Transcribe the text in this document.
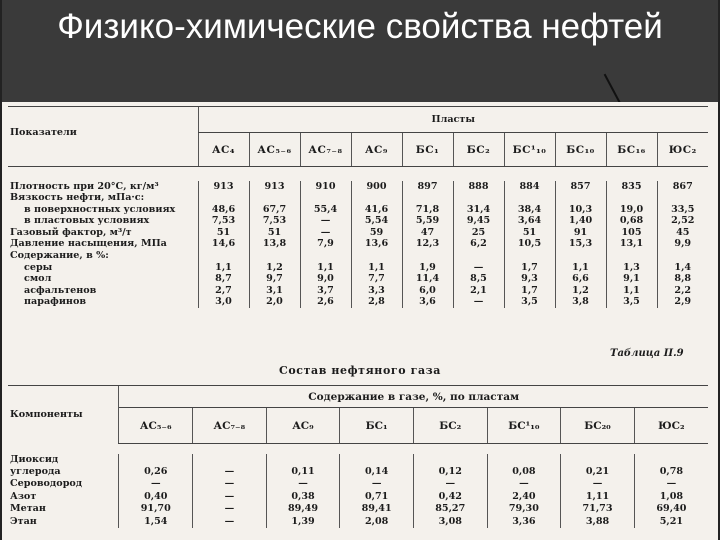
Физико-химические свойства нефтей
Показатели	Пласты									
	АС₄	АС₅₋₆	АС₇₋₈	АС₉	БС₁	БС₂	БС¹₁₀	БС₁₀	БС₁₆	ЮС₂

Плотность при 20°С, кг/м³	913	913	910	900	897	888	884	857	835	867
Вязкость нефти, мПа·с:										
в поверхностных условиях	48,6	67,7	55,4	41,6	71,8	31,4	38,4	10,3	19,0	33,5
в пластовых условиях	7,53	7,53	—	5,54	5,59	9,45	3,64	1,40	0,68	2,52
Газовый фактор, м³/т	51	51	—	59	47	25	51	91	105	45
Давление насыщения, МПа	14,6	13,8	7,9	13,6	12,3	6,2	10,5	15,3	13,1	9,9
Содержание, в %:										
серы	1,1	1,2	1,1	1,1	1,9	—	1,7	1,1	1,3	1,4
смол	8,7	9,7	9,0	7,7	11,4	8,5	9,3	6,6	9,1	8,8
асфальтенов	2,7	3,1	3,7	3,3	6,0	2,1	1,7	1,2	1,1	2,2
парафинов	3,0	2,0	2,6	2,8	3,6	—	3,5	3,8	3,5	2,9

Таблица II.9
Состав нефтяного газа
Компоненты	Содержание в газе, %, по пластам							
	АС₅₋₆	АС₇₋₈	АС₉	БС₁	БС₂	БС¹₁₀	БС₂₀	ЮС₂

Диоксид								
углерода	0,26	—	0,11	0,14	0,12	0,08	0,21	0,78
Сероводород	—	—	—	—	—	—	—	—
Азот	0,40	—	0,38	0,71	0,42	2,40	1,11	1,08
Метан	91,70	—	89,49	89,41	85,27	79,30	71,73	69,40
Этан	1,54	—	1,39	2,08	3,08	3,36	3,88	5,21
